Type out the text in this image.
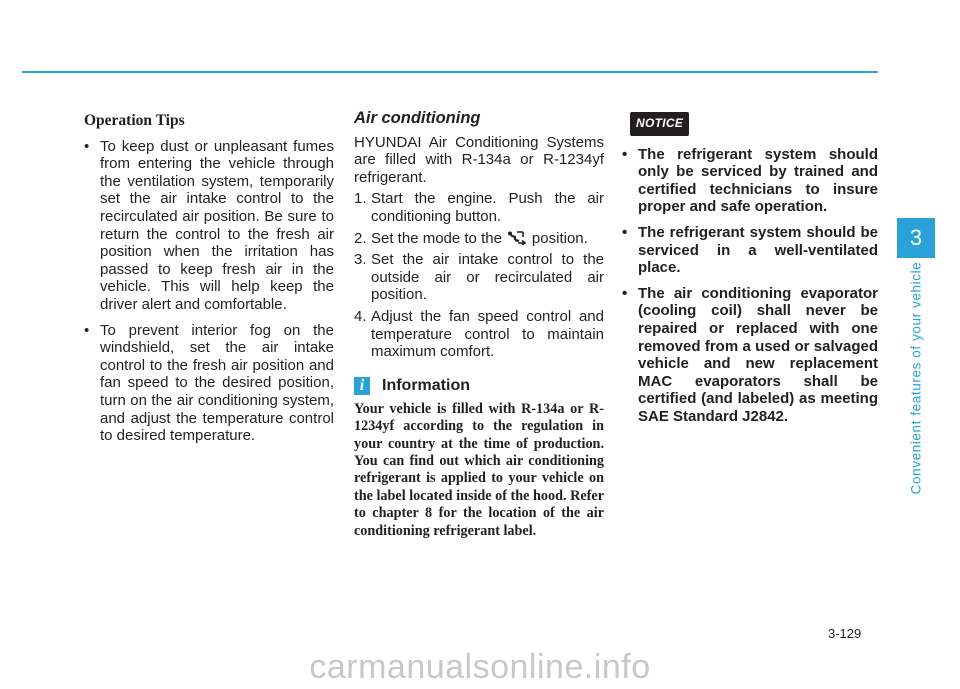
Operation Tips
• To keep dust or unpleasant fumes from entering the vehicle through the ventilation system, temporarily set the air intake control to the recirculated air position. Be sure to return the control to the fresh air position when the irritation has passed to keep fresh air in the vehicle. This will help keep the driver alert and comfortable.
• To prevent interior fog on the windshield, set the air intake control to the fresh air position and fan speed to the desired position, turn on the air conditioning system, and adjust the temperature control to desired temperature.
Air conditioning

HYUNDAI Air Conditioning Systems are filled with R-134a or R-1234yf refrigerant.

1. Start the engine. Push the air conditioning button.
2. Set the mode to the position.
3. Set the air intake control to the outside air or recirculated air position.
4. Adjust the fan speed control and temperature control to maintain maximum comfort.
i	Information

Your vehicle is filled with R-134a or R-1234yf according to the regulation in your country at the time of production. You can find out which air conditioning refrigerant is applied to your vehicle on the label located inside of the hood. Refer to chapter 8 for the location of the air conditioning refrigerant label.

NOTICE
• The refrigerant system should only be serviced by trained and certified technicians to insure proper and safe operation.
• The refrigerant system should be serviced in a well-ventilated place.
• The air conditioning evaporator (cooling coil) shall never be repaired or replaced with one removed from a used or salvaged vehicle and new replacement MAC evaporators shall be certified (and labeled) as meeting SAE Standard J2842.
3
Convenient features of your vehicle
3-129
carmanualsonline.info
